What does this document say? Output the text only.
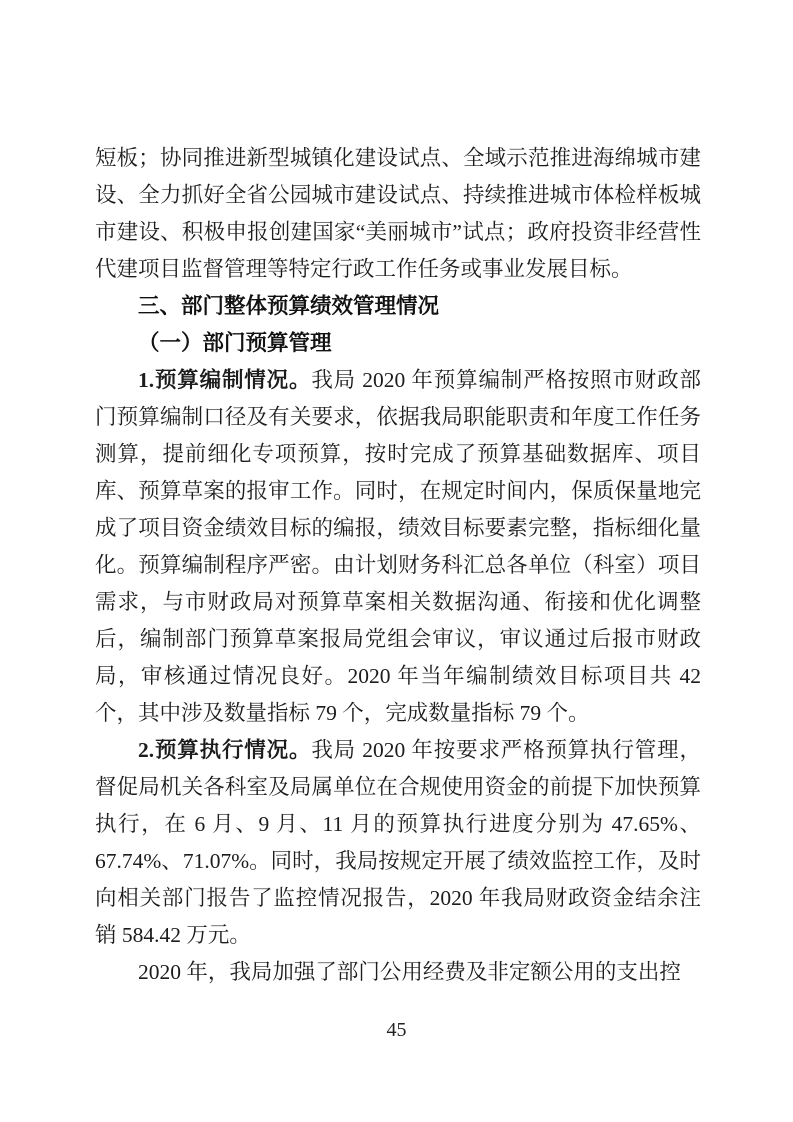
短板；协同推进新型城镇化建设试点、全域示范推进海绵城市建设、全力抓好全省公园城市建设试点、持续推进城市体检样板城市建设、积极申报创建国家“美丽城市”试点；政府投资非经营性代建项目监督管理等特定行政工作任务或事业发展目标。

三、部门整体预算绩效管理情况

（一）部门预算管理

1.预算编制情况。我局 2020 年预算编制严格按照市财政部门预算编制口径及有关要求，依据我局职能职责和年度工作任务测算，提前细化专项预算，按时完成了预算基础数据库、项目库、预算草案的报审工作。同时，在规定时间内，保质保量地完成了项目资金绩效目标的编报，绩效目标要素完整，指标细化量化。预算编制程序严密。由计划财务科汇总各单位（科室）项目需求，与市财政局对预算草案相关数据沟通、衔接和优化调整后，编制部门预算草案报局党组会审议，审议通过后报市财政局，审核通过情况良好。2020 年当年编制绩效目标项目共 42 个，其中涉及数量指标 79 个，完成数量指标 79 个。

2.预算执行情况。我局 2020 年按要求严格预算执行管理，督促局机关各科室及局属单位在合规使用资金的前提下加快预算执行，在 6 月、9 月、11 月的预算执行进度分别为 47.65%、67.74%、71.07%。同时，我局按规定开展了绩效监控工作，及时向相关部门报告了监控情况报告，2020 年我局财政资金结余注销 584.42 万元。

2020 年，我局加强了部门公用经费及非定额公用的支出控

45
